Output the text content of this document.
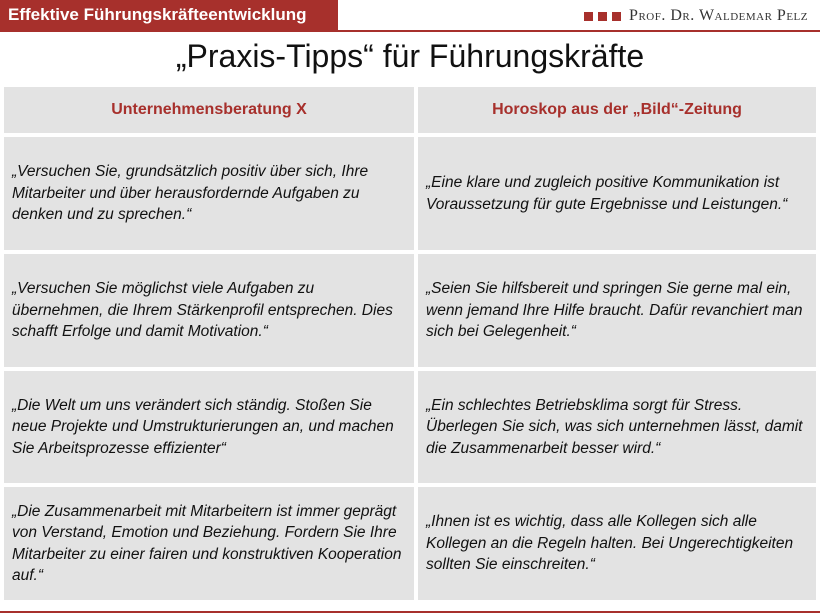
Effektive Führungskräfteentwicklung	Prof. Dr. Waldemar Pelz
„Praxis-Tipps“ für Führungskräfte
Unternehmensberatung X	Horoskop aus der „Bild“-Zeitung
„Versuchen Sie, grundsätzlich positiv über sich, Ihre Mitarbeiter und über herausfordernde Aufgaben zu denken und zu sprechen.“
„Eine klare und zugleich positive Kommunikation ist Voraussetzung für gute Ergebnisse und Leistungen.“
„Versuchen Sie möglichst viele Aufgaben zu übernehmen, die Ihrem Stärkenprofil entsprechen. Dies schafft Erfolge und damit Motivation.“
„Seien Sie hilfsbereit und springen Sie gerne mal ein, wenn jemand Ihre Hilfe braucht. Dafür revanchiert man sich bei Gelegenheit.“
„Die Welt um uns verändert sich ständig. Stoßen Sie neue Projekte und Umstrukturierungen an, und machen Sie Arbeitsprozesse effizienter“
„Ein schlechtes Betriebsklima sorgt für Stress. Überlegen Sie sich, was sich unternehmen lässt, damit die Zusammenarbeit besser wird.“
„Die Zusammenarbeit mit Mitarbeitern ist immer geprägt von Verstand, Emotion und Beziehung. Fordern Sie Ihre Mitarbeiter zu einer fairen und konstruktiven Kooperation auf.“
„Ihnen ist es wichtig, dass alle Kollegen sich alle Kollegen an die Regeln halten. Bei Ungerechtigkeiten sollten Sie einschreiten.“
